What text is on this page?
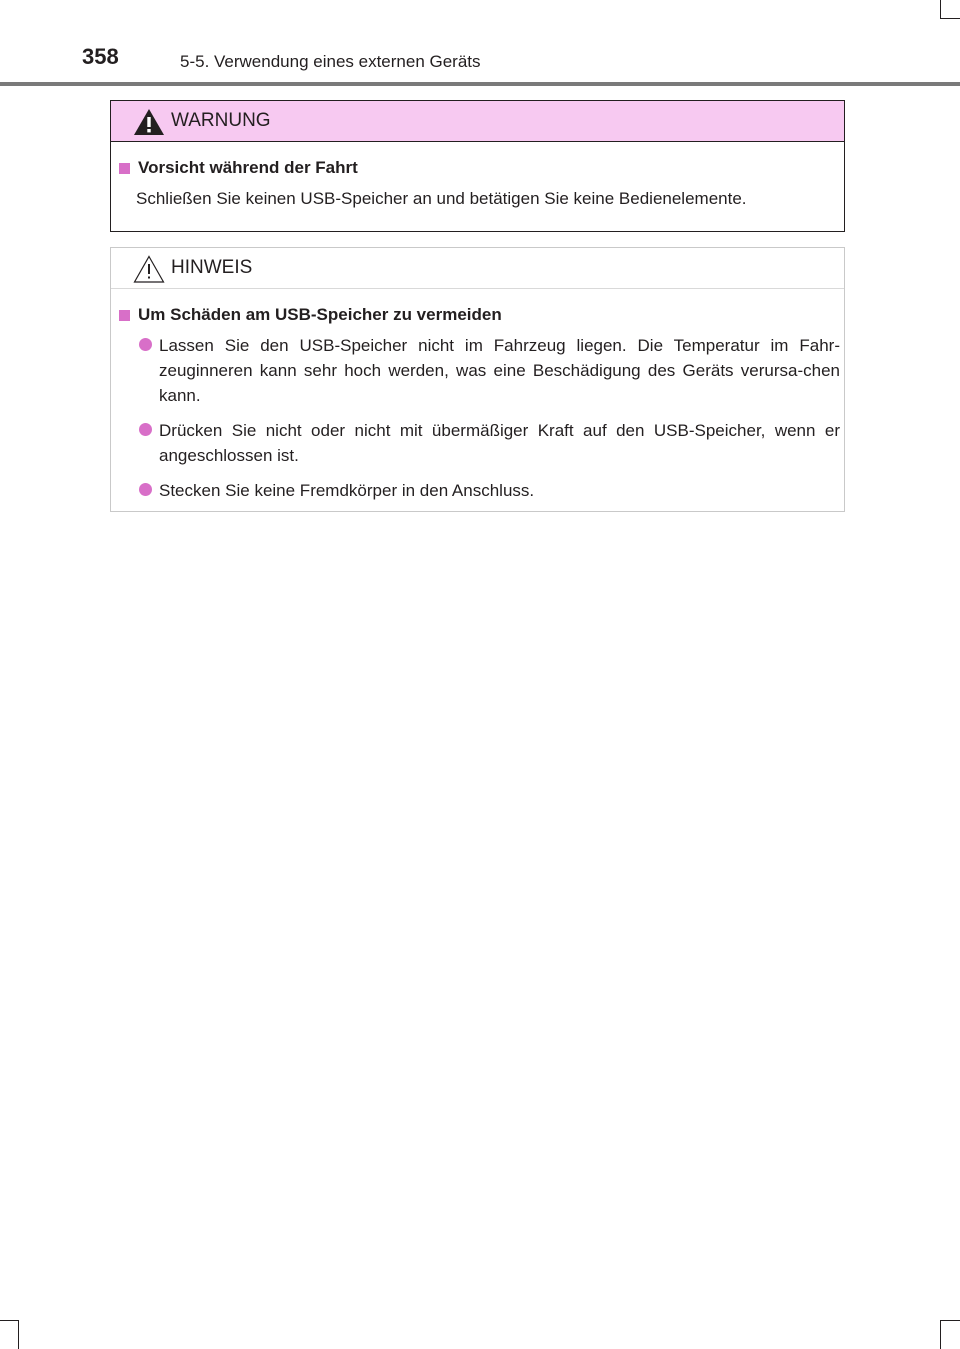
358	5-5. Verwendung eines externen Geräts
WARNUNG
Vorsicht während der Fahrt
Schließen Sie keinen USB-Speicher an und betätigen Sie keine Bedienelemente.
HINWEIS
Um Schäden am USB-Speicher zu vermeiden
Lassen Sie den USB-Speicher nicht im Fahrzeug liegen. Die Temperatur im Fahr-zeuginneren kann sehr hoch werden, was eine Beschädigung des Geräts verursa-chen kann.
Drücken Sie nicht oder nicht mit übermäßiger Kraft auf den USB-Speicher, wenn er angeschlossen ist.
Stecken Sie keine Fremdkörper in den Anschluss.
